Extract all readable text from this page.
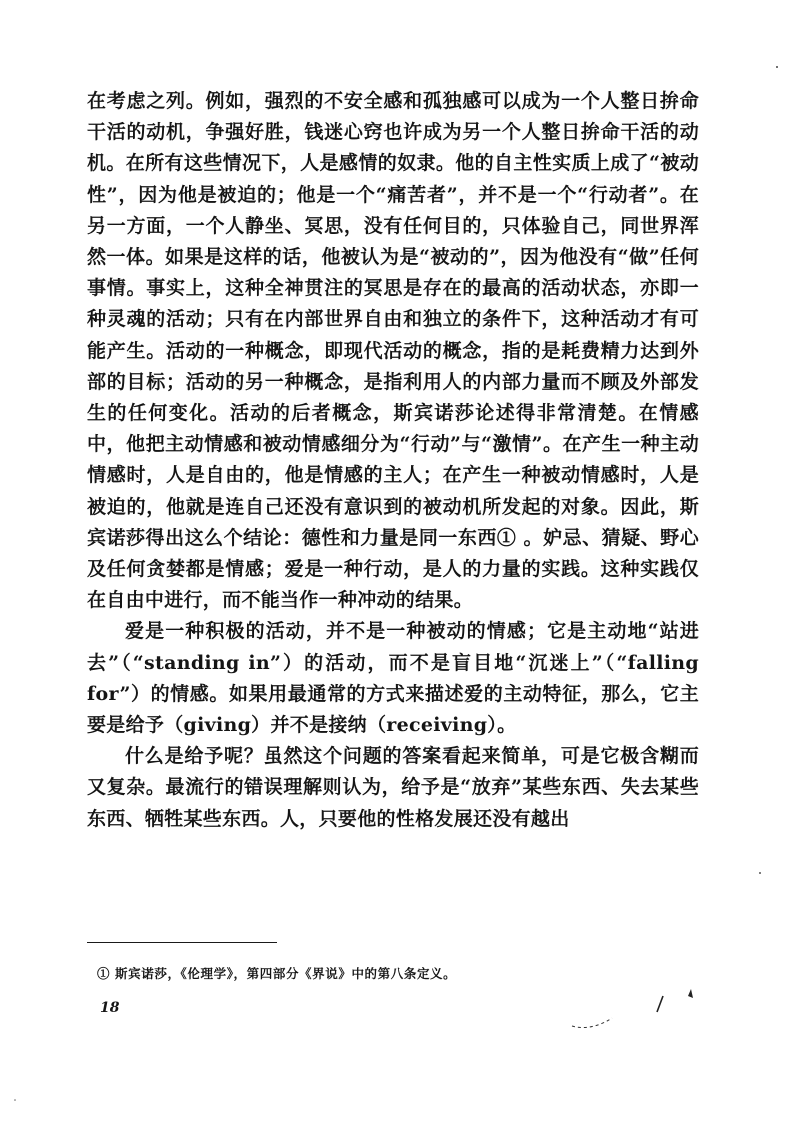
在考虑之列。例如，强烈的不安全感和孤独感可以成为一个人整日拚命干活的动机，争强好胜，钱迷心窍也许成为另一个人整日拚命干活的动机。在所有这些情况下，人是感情的奴隶。他的自主性实质上成了“被动性”，因为他是被迫的；他是一个“痛苦者”，并不是一个“行动者”。在另一方面，一个人静坐、冥思，没有任何目的，只体验自己，同世界浑然一体。如果是这样的话，他被认为是“被动的”，因为他没有“做”任何事情。事实上，这种全神贯注的冥思是存在的最高的活动状态，亦即一种灵魂的活动；只有在内部世界自由和独立的条件下，这种活动才有可能产生。活动的一种概念，即现代活动的概念，指的是耗费精力达到外部的目标；活动的另一种概念，是指利用人的内部力量而不顾及外部发生的任何变化。活动的后者概念，斯宾诺莎论述得非常清楚。在情感中，他把主动情感和被动情感细分为“行动”与“激情”。在产生一种主动情感时，人是自由的，他是情感的主人；在产生一种被动情感时，人是被迫的，他就是连自己还没有意识到的被动机所发起的对象。因此，斯宾诺莎得出这么个结论：德性和力量是同一东西① 。妒忌、猜疑、野心及任何贪婪都是情感；爱是一种行动，是人的力量的实践。这种实践仅在自由中进行，而不能当作一种冲动的结果。

爱是一种积极的活动，并不是一种被动的情感；它是主动地“站进去”（“standing in”）的活动，而不是盲目地“沉迷上”（“falling for”）的情感。如果用最通常的方式来描述爱的主动特征，那么，它主要是给予（giving）并不是接纳（receiving）。

什么是给予呢？虽然这个问题的答案看起来简单，可是它极含糊而又复杂。最流行的错误理解则认为，给予是“放弃”某些东西、失去某些东西、牺牲某些东西。人，只要他的性格发展还没有越出

① 斯宾诺莎，《伦理学》，第四部分《界说》中的第八条定义。
18
